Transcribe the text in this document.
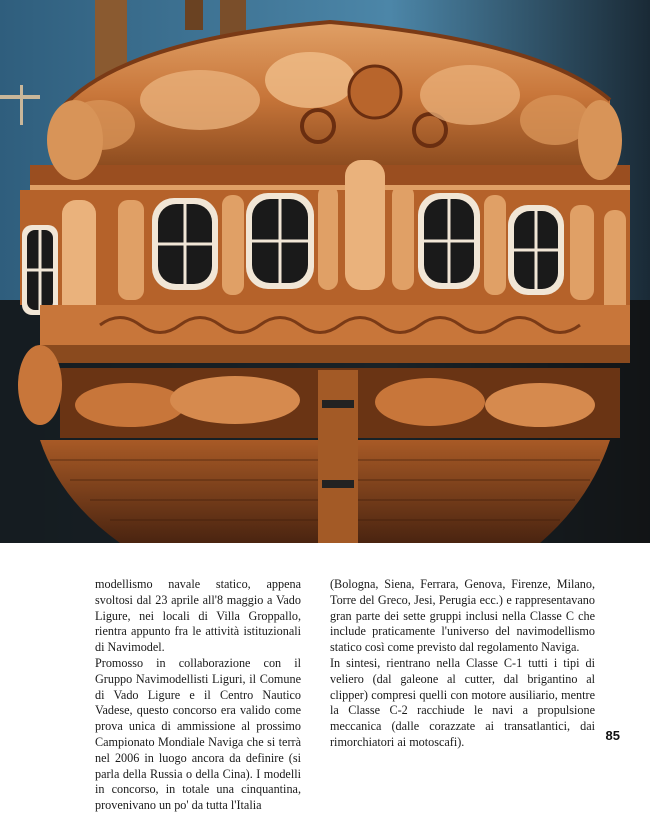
modellismo navale statico, appena svoltosi dal 23 aprile all'8 maggio a Vado Ligure, nei locali di Villa Groppallo, rientra appunto fra le attività istituzionali di Navimodel.

Promosso in collaborazione con il Gruppo Navimodellisti Liguri, il Comune di Vado Ligure e il Centro Nautico Vadese, questo concorso era valido come prova unica di ammissione al prossimo Campionato Mondiale Naviga che si terrà nel 2006 in luogo ancora da definire (si parla della Russia o della Cina). I modelli in concorso, in totale una cinquantina, provenivano un po' da tutta l'Italia

(Bologna, Siena, Ferrara, Genova, Firenze, Milano, Torre del Greco, Jesi, Perugia ecc.) e rappresentavano gran parte dei sette gruppi inclusi nella Classe C che include praticamente l'universo del navimodellismo statico così come previsto dal regolamento Naviga.

In sintesi, rientrano nella Classe C-1 tutti i tipi di veliero (dal galeone al cutter, dal brigantino al clipper) compresi quelli con motore ausiliario, mentre la Classe C-2 racchiude le navi a propulsione meccanica (dalle corazzate ai transatlantici, dai rimorchiatori ai motoscafi).	85
